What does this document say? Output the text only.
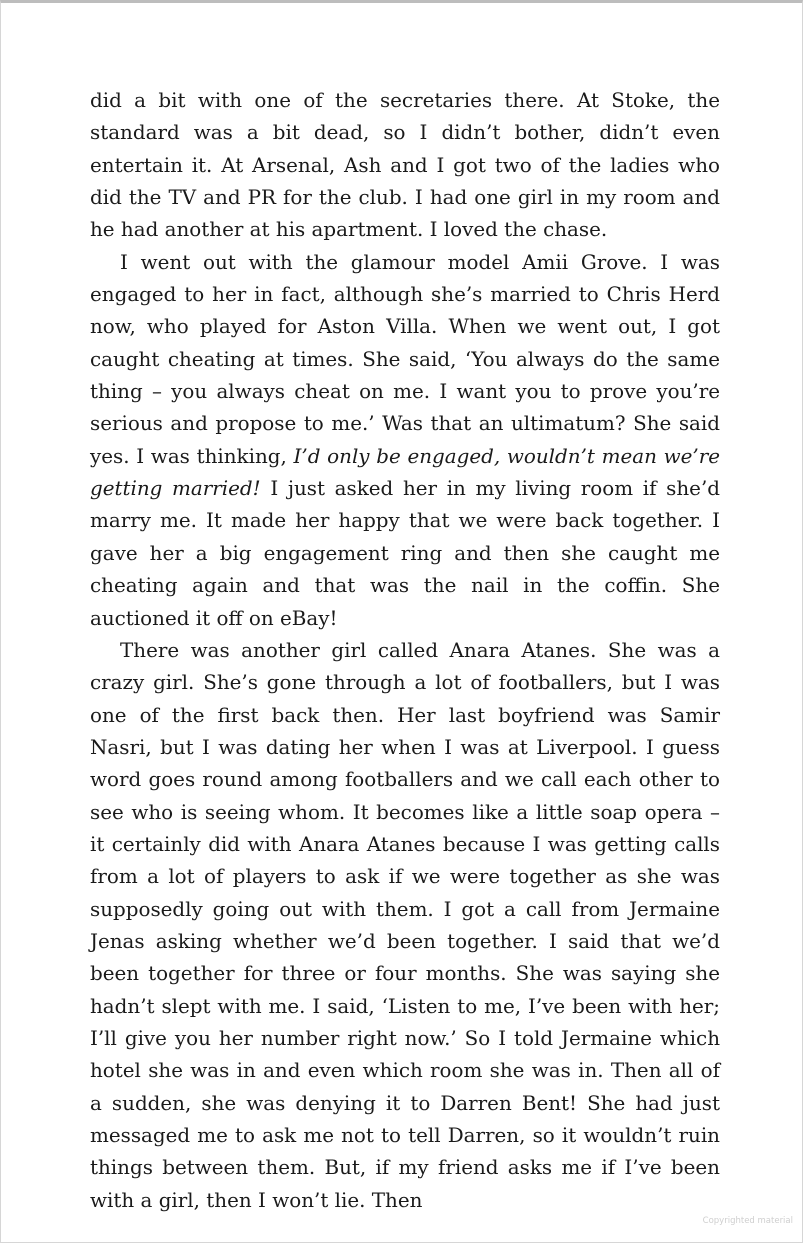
did a bit with one of the secretaries there. At Stoke, the standard was a bit dead, so I didn’t bother, didn’t even entertain it. At Arsenal, Ash and I got two of the ladies who did the TV and PR for the club. I had one girl in my room and he had another at his apartment. I loved the chase.

I went out with the glamour model Amii Grove. I was engaged to her in fact, although she’s married to Chris Herd now, who played for Aston Villa. When we went out, I got caught cheating at times. She said, ‘You always do the same thing – you always cheat on me. I want you to prove you’re serious and propose to me.’ Was that an ultimatum? She said yes. I was thinking, I’d only be engaged, wouldn’t mean we’re getting married! I just asked her in my living room if she’d marry me. It made her happy that we were back together. I gave her a big engagement ring and then she caught me cheating again and that was the nail in the coffin. She auctioned it off on eBay!

There was another girl called Anara Atanes. She was a crazy girl. She’s gone through a lot of footballers, but I was one of the first back then. Her last boyfriend was Samir Nasri, but I was dating her when I was at Liverpool. I guess word goes round among footballers and we call each other to see who is seeing whom. It becomes like a little soap opera – it certainly did with Anara Atanes because I was getting calls from a lot of players to ask if we were together as she was supposedly going out with them. I got a call from Jermaine Jenas asking whether we’d been together. I said that we’d been together for three or four months. She was saying she hadn’t slept with me. I said, ‘Listen to me, I’ve been with her; I’ll give you her number right now.’ So I told Jermaine which hotel she was in and even which room she was in. Then all of a sudden, she was denying it to Darren Bent! She had just messaged me to ask me not to tell Darren, so it wouldn’t ruin things between them. But, if my friend asks me if I’ve been with a girl, then I won’t lie. Then

Copyrighted material
